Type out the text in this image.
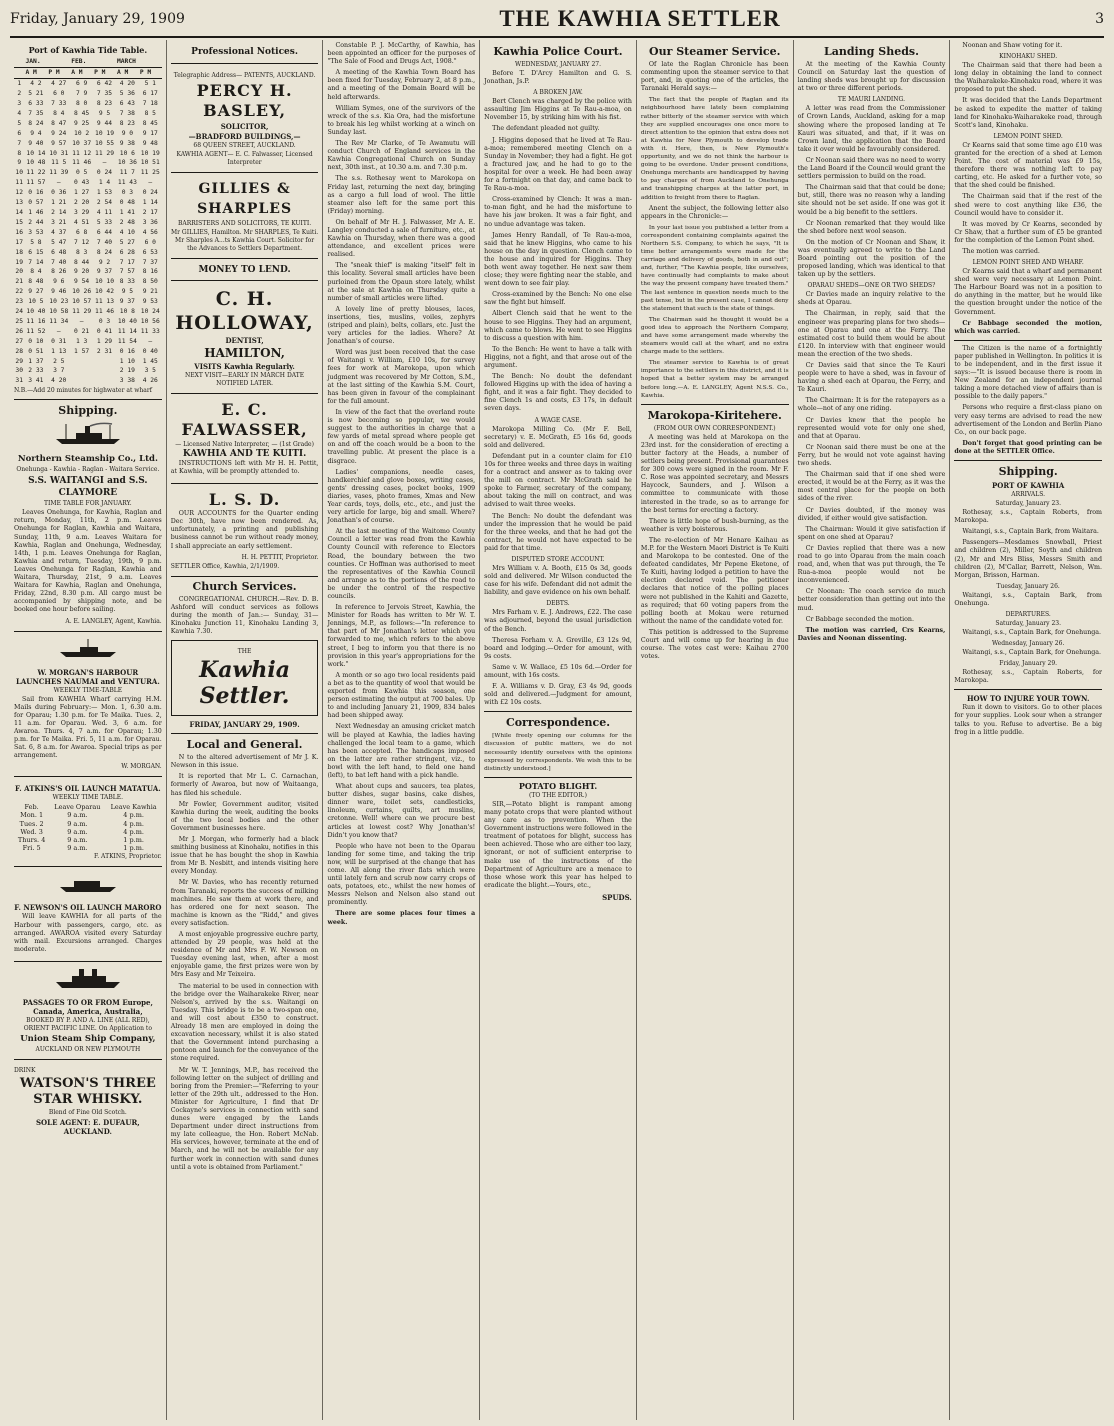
Friday, January 29, 1909	THE KAWHIA SETTLER	3
Port of Kawhia Tide Table.
	JAN.		FEB.		MARCH	
	A M	P M	A M	P M	A M	P M
1	4 2	4 27	6 9	6 42	4 20	5 1
2	5 21	6 0	7 9	7 35	5 36	6 17
3	6 33	7 33	8 0	8 23	6 43	7 18
4	7 35	8 4	8 45	9 5	7 38	8 5
5	8 24	8 47	9 25	9 44	8 23	8 45
6	9 4	9 24	10 2	10 19	9 0	9 17
7	9 40	9 57	10 37	10 55	9 38	9 48
8	10 14	10 31	11 12	11 29	10 6	10 19
9	10 48	11 5	11 46	—	10 36	10 51
10	11 22	11 39	0 5	0 24	11 7	11 25
11	11 57	—	0 43	1 4	11 43	—
12	0 16	0 36	1 27	1 53	0 3	0 24
13	0 57	1 21	2 20	2 54	0 48	1 14
14	1 46	2 14	3 29	4 11	1 41	2 17
15	2 44	3 21	4 51	5 33	2 48	3 36
16	3 53	4 37	6 8	6 44	4 10	4 56
17	5 8	5 47	7 12	7 40	5 27	6 0
18	6 15	6 48	8 3	8 24	6 28	6 53
19	7 14	7 40	8 44	9 2	7 17	7 37
20	8 4	8 26	9 20	9 37	7 57	8 16
21	8 48	9 6	9 54	10 10	8 33	8 50
22	9 27	9 46	10 26	10 42	9 5	9 21
23	10 5	10 23	10 57	11 13	9 37	9 53
24	10 40	10 58	11 29	11 46	10 8	10 24
25	11 16	11 34	—	0 3	10 40	10 56
26	11 52	—	0 21	0 41	11 14	11 33
27	0 10	0 31	1 3	1 29	11 54	—
28	0 51	1 13	1 57	2 31	0 16	0 40
29	1 37	2 5			1 10	1 45
30	2 33	3 7			2 19	3 5
31	3 41	4 20			3 38	4 26
N.B.—Add 20 minutes for highwater at wharf
Shipping.
Northern Steamship Co., Ltd.
Onehunga - Kawhia - Raglan - Waitara Service.
S.S. WAITANGI and S.S. CLAYMORE
TIME TABLE FOR JANUARY.

Leaves Onehunga, for Kawhia, Raglan and return, Monday, 11th, 2 p.m. Leaves Onehunga for Raglan, Kawhia and Waitara, Sunday, 11th, 9 a.m. Leaves Waitara for Kawhia, Raglan and Onehunga, Wednesday, 14th, 1 p.m. Leaves Onehunga for Raglan, Kawhia and return, Tuesday, 19th, 9 p.m. Leaves Onehunga for Raglan, Kawhia and Waitara, Thursday, 21st, 9 a.m. Leaves Waitara for Kawhia, Raglan and Onehunga, Friday, 22nd, 8.30 p.m. All cargo must be accompanied by shipping note, and be booked one hour before sailing.

A. E. LANGLEY, Agent, Kawhia.
W. MORGAN'S HARBOUR LAUNCHES NAUMAI and VENTURA.
WEEKLY TIME-TABLE

Sail from KAWHIA Wharf carrying H.M. Mails during February:— Mon. 1, 6.30 a.m. for Oparau; 1.30 p.m. for Te Maika. Tues. 2, 11 a.m. for Oparau. Wed. 3, 6 a.m. for Awaroa. Thurs. 4, 7 a.m. for Oparau; 1.30 p.m. for Te Maika. Fri. 5, 11 a.m. for Oparau. Sat. 6, 8 a.m. for Awaroa. Special trips as per arrangement.

W. MORGAN.
F. ATKINS'S OIL LAUNCH MATATUA.
WEEKLY TIME TABLE.
Feb.	Leave Oparau	Leave Kawhia
Mon. 1	9 a.m.	4 p.m.
Tues. 2	9 a.m.	4 p.m.
Wed. 3	9 a.m.	4 p.m.
Thurs. 4	9 a.m.	1 p.m.
Fri. 5	9 a.m.	1 p.m.
F. ATKINS, Proprietor.
F. NEWSON'S OIL LAUNCH MARORO

Will leave KAWHIA for all parts of the Harbour with passengers, cargo, etc. as arranged. AWAROA visited every Saturday with mail. Excursions arranged. Charges moderate.

PASSAGES TO OR FROM Europe, Canada, America, Australia,
BOOKED BY P. AND A. LINE (ALL RED), ORIENT PACIFIC LINE. On Application to
Union Steam Ship Company,
AUCKLAND OR NEW PLYMOUTH
DRINK
WATSON'S THREE STAR WHISKY.
Blend of Fine Old Scotch.
SOLE AGENT: E. DUFAUR, AUCKLAND.
Professional Notices.
Telegraphic Address— PATENTS, AUCKLAND.
PERCY H. BASLEY,
SOLICITOR,
—BRADFORD BUILDINGS,—
68 QUEEN STREET, AUCKLAND.
KAWHIA AGENT— E. C. Falwasser, Licensed Interpreter
GILLIES & SHARPLES
BARRISTERS AND SOLICITORS, TE KUITI.
Mr GILLIES, Hamilton. Mr SHARPLES, Te Kuiti. Mr Sharples A...ts Kawhia Court. Solicitor for the Advances to Settlers Department.
MONEY TO LEND.
C. H. HOLLOWAY,
DENTIST,
HAMILTON,
VISITS Kawhia Regularly.
NEXT VISIT—EARLY IN MARCH DATE NOTIFIED LATER.
E. C. FALWASSER,
— Licensed Native Interpreter, — (1st Grade)
KAWHIA AND TE KUITI.

INSTRUCTIONS left with Mr H. H. Pettit, at Kawhia, will be promptly attended to.

L. S. D.

OUR ACCOUNTS for the Quarter ending Dec 30th, have now been rendered. As, unfortunately, a printing and publishing business cannot be run without ready money, I shall appreciate an early settlement.

H. H. PETTIT, Proprietor.
SETTLER Office, Kawhia, 2/1/1909.
Church Services.

CONGREGATIONAL CHURCH.—Rev. D. B. Ashford will conduct services as follows during the month of Jan.:— Sunday, 31—Kinohaku Junction 11, Kinohaku Landing 3, Kawhia 7.30.

THE
Kawhia Settler.
FRIDAY, JANUARY 29, 1909.
Local and General.

N to the altered advertisement of Mr J. K. Newson in this issue.

It is reported that Mr L. C. Carnachan, formerly of Awaroa, but now of Waitaanga, has filed his schedule.

Mr Fowler, Government auditor, visited Kawhia during the week, auditing the books of the two local bodies and the other Government businesses here.

Mr J. Morgan, who formerly had a black smithing business at Kinohaku, notifies in this issue that he has bought the shop in Kawhia from Mr B. Nesbitt, and intends visiting here every Monday.

Mr W. Davies, who has recently returned from Taranaki, reports the success of milking machines. He saw them at work there, and has ordered one for next season. The machine is known as the "Ridd," and gives every satisfaction.

A most enjoyable progressive euchre party, attended by 29 people, was held at the residence of Mr and Mrs F. W. Newson on Tuesday evening last, when, after a most enjoyable game, the first prizes were won by Mrs Easy and Mr Teixeira.

The material to be used in connection with the bridge over the Waiharakeke River, near Nelson's, arrived by the s.s. Waitangi on Tuesday. This bridge is to be a two-span one, and will cost about £350 to construct. Already 18 men are employed in doing the excavation necessary, whilst it is also stated that the Government intend purchasing a pontoon and launch for the conveyance of the stone required.

Mr W. T. Jennings, M.P., has received the following letter on the subject of drilling and boring from the Premier:—"Referring to your letter of the 29th ult., addressed to the Hon. Minister for Agriculture, I find that Dr Cockayne's services in connection with sand dunes were engaged by the Lands Department under direct instructions from my late colleague, the Hon. Robert McNab. His services, however, terminate at the end of March, and he will not be available for any further work in connection with sand dunes until a vote is obtained from Parliament."

Constable P. J. McCarthy, of Kawhia, has been appointed an officer for the purposes of "The Sale of Food and Drugs Act, 1908."

A meeting of the Kawhia Town Board has been fixed for Tuesday, February 2, at 8 p.m., and a meeting of the Domain Board will be held afterwards.

William Symes, one of the survivors of the wreck of the s.s. Kia Ora, had the misfortune to break his leg whilst working at a winch on Sunday last.

The Rev Mr Clarke, of Te Awamutu will conduct Church of England services in the Kawhia Congregational Church on Sunday next, 30th inst., at 10.30 a.m. and 7.30 p.m.

The s.s. Rothesay went to Marokopa on Friday last, returning the next day, bringing as a cargo a full load of wool. The little steamer also left for the same port this (Friday) morning.

On behalf of Mr H. J. Falwasser, Mr A. E. Langley conducted a sale of furniture, etc., at Kawhia on Thursday, when there was a good attendance, and excellent prices were realised.

The "sneak thief" is making "itself" felt in this locality. Several small articles have been purloined from the Opaun store lately, whilst at the sale at Kawhia on Thursday quite a number of small articles were lifted.

A lovely line of pretty blouses, laces, insertions, ties, muslins, voiles, zephyrs (striped and plain), belts, collars, etc. Just the very articles for the ladies. Where? At Jonathan's of course.

Word was just been received that the case of Waitangi v. William, £10 10s, for survey fees for work at Marokopa, upon which judgment was recovered by Mr Cotton, S.M., at the last sitting of the Kawhia S.M. Court, has been given in favour of the complainant for the full amount.

In view of the fact that the overland route is now becoming so popular, we would suggest to the authorities in charge that a few yards of metal spread where people get on and off the coach would be a boon to the travelling public. At present the place is a disgrace.

Ladies' companions, needle cases, handkerchief and glove boxes, writing cases, gents' dressing cases, pocket books, 1909 diaries, vases, photo frames, Xmas and New Year cards, toys, dolls, etc., etc., and just the very article for large, big and small. Where? Jonathan's of course.

At the last meeting of the Waitomo County Council a letter was read from the Kawhia County Council with reference to Electors Road, the boundary between the two counties. Cr Hoffman was authorised to meet the representatives of the Kawhia Council and arrange as to the portions of the road to be under the control of the respective councils.

In reference to Jervois Street, Kawhia, the Minister for Roads has written to Mr W. T. Jennings, M.P., as follows:—"In reference to that part of Mr Jonathan's letter which you forwarded to me, which refers to the above street, I beg to inform you that there is no provision in this year's appropriations for the work."

A month or so ago two local residents paid a bet as to the quantity of wool that would be exported from Kawhia this season, one person estimating the output at 700 bales. Up to and including January 21, 1909, 834 bales had been shipped away.

Next Wednesday an amusing cricket match will be played at Kawhia, the ladies having challenged the local team to a game, which has been accepted. The handicaps imposed on the latter are rather stringent, viz., to bowl with the left hand, to field one hand (left), to bat left hand with a pick handle.

What about cups and saucers, tea plates, butter dishes, sugar basins, cake dishes, dinner ware, toilet sets, candlesticks, linoleum, curtains, quilts, art muslins, cretonne. Well! where can we procure best articles at lowest cost? Why Jonathan's! Didn't you know that?

People who have not been to the Oparau landing for some time, and taking the trip now, will be surprised at the change that has come. All along the river flats which were until lately fern and scrub now carry crops of oats, potatoes, etc., whilst the new homes of Messrs Nelson and Nelson also stand out prominently.

There are some places four times a week.

Kawhia Police Court.
WEDNESDAY, JANUARY 27.

Before T. D'Arcy Hamilton and G. S. Jonathan, Js.P.

A BROKEN JAW.

Bert Clench was charged by the police with assaulting Jim Higgins at Te Rau-a-moa, on November 15, by striking him with his fist.

The defendant pleaded not guilty.

J. Higgins deposed that he lived at Te Rau-a-moa; remembered meeting Clench on a Sunday in November; they had a fight. He got a fractured jaw, and he had to go to the hospital for over a week. He had been away for a fortnight on that day, and came back to Te Rau-a-moa.

Cross-examined by Clench: It was a man-to-man fight, and he had the misfortune to have his jaw broken. It was a fair fight, and no undue advantage was taken.

James Henry Randall, of Te Rau-a-moa, said that he knew Higgins, who came to his house on the day in question. Clench came to the house and inquired for Higgins. They both went away together. He next saw them close; they were fighting near the stable, and went down to see fair play.

Cross-examined by the Bench: No one else saw the fight but himself.

Albert Clench said that he went to the house to see Higgins. They had an argument, which came to blows. He went to see Higgins to discuss a question with him.

To the Bench: He went to have a talk with Higgins, not a fight, and that arose out of the argument.

The Bench: No doubt the defendant followed Higgins up with the idea of having a fight, and it was a fair fight. They decided to fine Clench 1s and costs, £3 17s, in default seven days.

A WAGE CASE.

Marokopa Milling Co. (Mr F. Bell, secretary) v. E. McGrath, £5 16s 6d, goods sold and delivered.

Defendant put in a counter claim for £10 10s for three weeks and three days in waiting for a contract and answer as to taking over the mill on contract. Mr McGrath said he spoke to Farmer, secretary of the company, about taking the mill on contract, and was advised to wait three weeks.

The Bench: No doubt the defendant was under the impression that he would be paid for the three weeks, and that he had got the contract, he would not have expected to be paid for that time.

DISPUTED STORE ACCOUNT.

Mrs William v. A. Booth, £15 0s 3d, goods sold and delivered. Mr Wilson conducted the case for his wife. Defendant did not admit the liability, and gave evidence on his own behalf.

DEBTS.

Mrs Farham v. E. J. Andrews, £22. The case was adjourned, beyond the usual jurisdiction of the Bench.

Theresa Forham v. A. Greville, £3 12s 9d, board and lodging.—Order for amount, with 9s costs.

Same v. W. Wallace, £5 10s 6d.—Order for amount, with 16s costs.

F. A. Williams v. D. Gray, £3 4s 9d, goods sold and delivered.—Judgment for amount, with £2 10s costs.

Correspondence.

[While freely opening our columns for the discussion of public matters, we do not necessarily identify ourselves with the opinions expressed by correspondents. We wish this to be distinctly understood.]

POTATO BLIGHT.
(TO THE EDITOR.)

SIR,—Potato blight is rampant among many potato crops that were planted without any care as to prevention. When the Government instructions were followed in the treatment of potatoes for blight, success has been achieved. Those who are either too lazy, ignorant, or not of sufficient enterprise to make use of the instructions of the Department of Agriculture are a menace to those whose work this year has helped to eradicate the blight.—Yours, etc.,

SPUDS.
Our Steamer Service.

Of late the Raglan Chronicle has been commenting upon the steamer service to that port, and, in quoting one of the articles, the Taranaki Herald says:—

The fact that the people of Raglan and its neighbourhood have lately been complaining rather bitterly of the steamer service with which they are supplied encourages one once more to direct attention to the opinion that extra does not at Kawhia for New Plymouth to develop trade with it. Here, then, is New Plymouth's opportunity, and we do not think the harbour is going to be overdone. Under present conditions, Onehunga merchants are handicapped by having to pay charges of from Auckland to Onehunga and transhipping charges at the latter port, in addition to freight from there to Raglan.

Anent the subject, the following letter also appears in the Chronicle:—

In your last issue you published a letter from a correspondent containing complaints against the Northern S.S. Company, to which he says, "It is time better arrangements were made for the carriage and delivery of goods, both in and out"; and, further, "The Kawhia people, like ourselves, have continually had complaints to make about the way the present company have treated them." The last sentence in question needs much to the past tense, but in the present case, I cannot deny the statement that such is the state of things.

The Chairman said he thought it would be a good idea to approach the Northern Company, and have some arrangement made whereby the steamers would call at the wharf, and no extra charge made to the settlers.

The steamer service to Kawhia is of great importance to the settlers in this district, and it is hoped that a better system may be arranged before long.—A. E. LANGLEY, Agent N.S.S. Co., Kawhia.

Marokopa-Kiritehere.
(FROM OUR OWN CORRESPONDENT.)

A meeting was held at Marokopa on the 23rd inst. for the consideration of erecting a butter factory at the Heads, a number of settlers being present. Provisional guarantees for 300 cows were signed in the room. Mr F. C. Rose was appointed secretary, and Messrs Haycock, Saunders, and J. Wilson a committee to communicate with those interested in the trade, so as to arrange for the best terms for erecting a factory.

There is little hope of bush-burning, as the weather is very boisterous.

The re-election of Mr Henare Kaihau as M.P. for the Western Maori District is Te Kuiti and Marokopa to be contested. One of the defeated candidates, Mr Pepene Eketone, of Te Kuiti, having lodged a petition to have the election declared void. The petitioner declares that notice of the polling places were not published in the Kahiti and Gazette, as required; that 60 voting papers from the polling booth at Mokau were returned without the name of the candidate voted for.

This petition is addressed to the Supreme Court and will come up for hearing in due course. The votes cast were: Kaihau 2700 votes.

Landing Sheds.

At the meeting of the Kawhia County Council on Saturday last the question of landing sheds was brought up for discussion at two or three different periods.

TE MAURI LANDING.

A letter was read from the Commissioner of Crown Lands, Auckland, asking for a map showing where the proposed landing at Te Kauri was situated, and that, if it was on Crown land, the application that the Board take it over would be favourably considered.

Cr Noonan said there was no need to worry the Land Board if the Council would grant the settlers permission to build on the road.

The Chairman said that that could be done; but, still, there was no reason why a landing site should not be set aside. If one was got it would be a big benefit to the settlers.

Cr Noonan remarked that they would like the shed before next wool season.

On the motion of Cr Noonan and Shaw, it was eventually agreed to write to the Land Board pointing out the position of the proposed landing, which was identical to that taken up by the settlers.

OPARAU SHEDS—ONE OR TWO SHEDS?

Cr Davies made an inquiry relative to the sheds at Oparau.

The Chairman, in reply, said that the engineer was preparing plans for two sheds—one at Oparau and one at the Ferry. The estimated cost to build them would be about £120. In interview with that engineer would mean the erection of the two sheds.

Cr Davies said that since the Te Kauri people were to have a shed, was in favour of having a shed each at Oparau, the Ferry, and Te Kauri.

The Chairman: It is for the ratepayers as a whole—not of any one riding.

Cr Davies knew that the people he represented would vote for only one shed, and that at Oparau.

Cr Noonan said there must be one at the Ferry, but he would not vote against having two sheds.

The Chairman said that if one shed were erected, it would be at the Ferry, as it was the most central place for the people on both sides of the river.

Cr Davies doubted, if the money was divided, if either would give satisfaction.

The Chairman: Would it give satisfaction if spent on one shed at Oparau?

Cr Davies replied that there was a new road to go into Oparau from the main coach road, and, when that was put through, the Te Rua-a-moa people would not be inconvenienced.

Cr Noonan: The coach service do much better consideration than getting out into the mud.

Cr Babbage seconded the motion.

The motion was carried, Crs Kearns, Davies and Noonan dissenting.

Noonan and Shaw voting for it.

KINOHAKU SHED.

The Chairman said that there had been a long delay in obtaining the land to connect the Waiharakeke-Kinohaku road, where it was proposed to put the shed.

It was decided that the Lands Department be asked to expedite the matter of taking land for Kinohaku-Waiharakeke road, through Scott's land, Kinohaku.

LEMON POINT SHED.

Cr Kearns said that some time ago £10 was granted for the erection of a shed at Lemon Point. The cost of material was £9 15s, therefore there was nothing left to pay carting, etc. He asked for a further vote, so that the shed could be finished.

The Chairman said that if the rest of the shed were to cost anything like £36, the Council would have to consider it.

It was moved by Cr Kearns, seconded by Cr Shaw, that a further sum of £5 be granted for the completion of the Lemon Point shed.

The motion was carried.

LEMON POINT SHED AND WHARF.

Cr Kearns said that a wharf and permanent shed were very necessary at Lemon Point. The Harbour Board was not in a position to do anything in the matter, but he would like the question brought under the notice of the Government.

Cr Babbage seconded the motion, which was carried.

The Citizen is the name of a fortnightly paper published in Wellington. In politics it is to be independent, and in the first issue it says:—"It is issued because there is room in New Zealand for an independent journal taking a more detached view of affairs than is possible to the daily papers."

Persons who require a first-class piano on very easy terms are advised to read the new advertisement of the London and Berlin Piano Co., on our back page.

Don't forget that good printing can be done at the SETTLER Office.

Shipping.
PORT OF KAWHIA
ARRIVALS.
Saturday, January 23.

Rothesay, s.s., Captain Roberts, from Marokopa.

Waitangi, s.s., Captain Bark, from Waitara.

Passengers—Mesdames Snowball, Priest and children (2), Miller, Soyth and children (2), Mr and Mrs Bliss, Messrs Smith and children (2), M'Callar, Barrett, Nelson, Wm. Morgan, Brisson, Harman.

Tuesday, January 26.

Waitangi, s.s., Captain Bark, from Onehunga.

DEPARTURES.
Saturday, January 23.

Waitangi, s.s., Captain Bark, for Onehunga.

Wednesday, January 26.

Waitangi, s.s., Captain Bark, for Onehunga.

Friday, January 29.

Rothesay, s.s., Captain Roberts, for Marokopa.

HOW TO INJURE YOUR TOWN.

Run it down to visitors. Go to other places for your supplies. Look sour when a stranger talks to you. Refuse to advertise. Be a big frog in a little puddle.
